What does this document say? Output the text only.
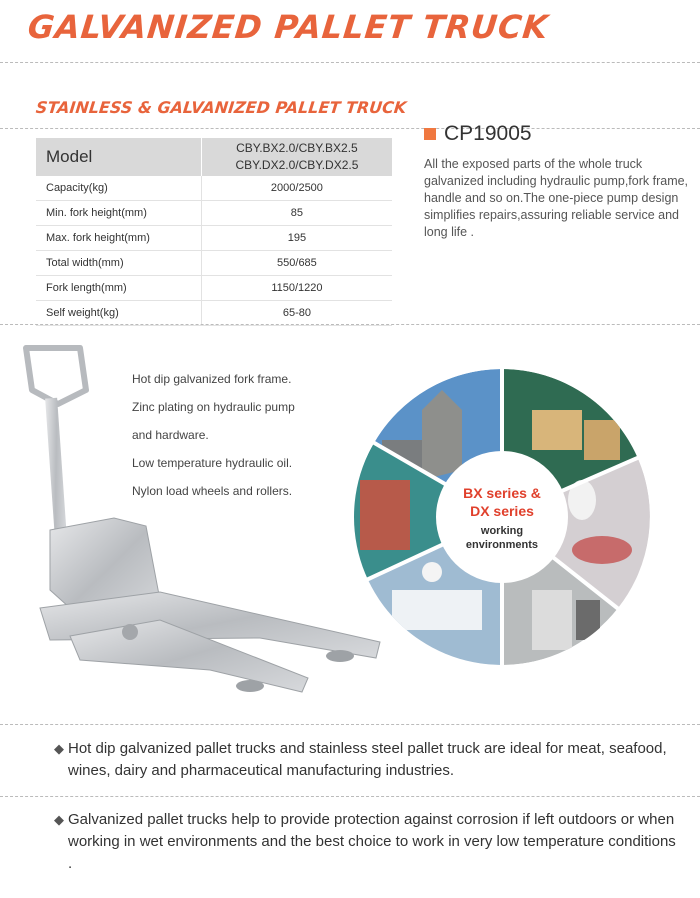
GALVANIZED PALLET TRUCK
STAINLESS & GALVANIZED PALLET TRUCK
Model	CBY.BX2.0/CBY.BX2.5
CBY.DX2.0/CBY.DX2.5

Capacity(kg)	2000/2500
Min. fork height(mm)	85
Max. fork height(mm)	195
Total width(mm)	550/685
Fork length(mm)	1150/1220
Self weight(kg)	65-80
CP19005
All the exposed parts of the whole truck galvanized including hydraulic pump,fork frame, handle and so on.The one-piece pump design simplifies repairs,assuring reliable service and long life .
Hot dip galvanized fork frame.
Zinc plating on hydraulic pump
and hardware.
Low temperature hydraulic oil.
Nylon load wheels and rollers.	BX series &
DX series
working
environments
◆ Hot dip galvanized pallet trucks and stainless steel pallet truck are ideal for meat, seafood, wines, dairy and pharmaceutical manufacturing industries.
◆ Galvanized pallet trucks help to provide protection against corrosion if left outdoors or when working in wet environments and the best choice to work in very low temperature conditions .
